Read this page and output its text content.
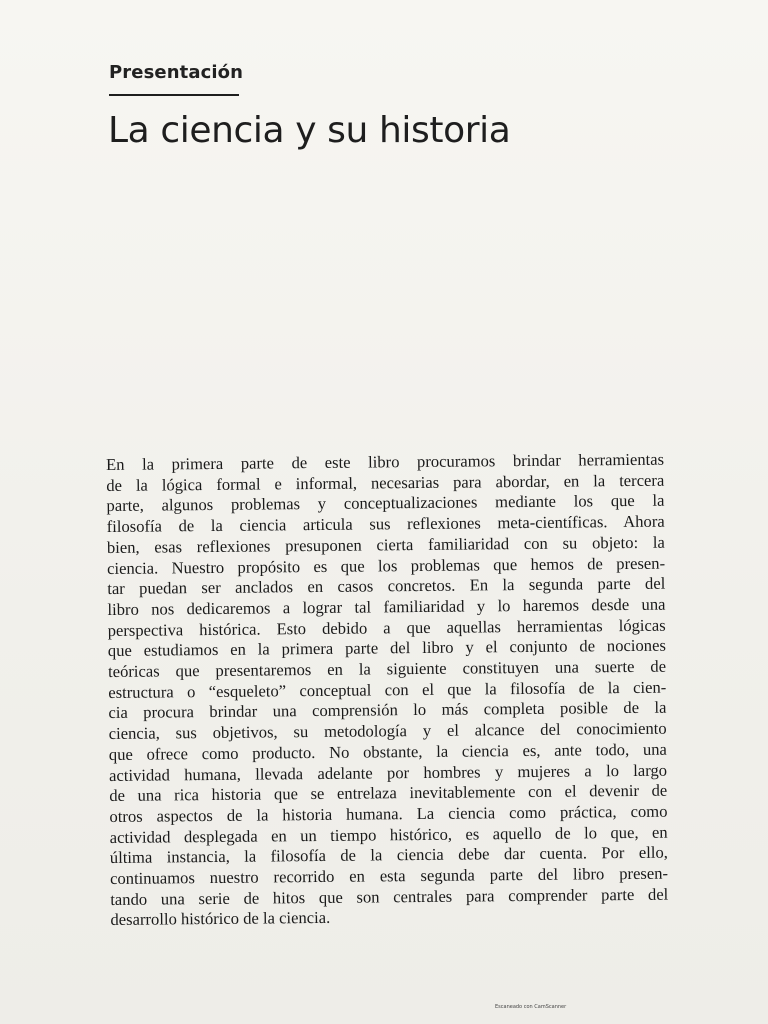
Presentación
La ciencia y su historia
En la primera parte de este libro procuramos brindar herramientas
de la lógica formal e informal, necesarias para abordar, en la tercera
parte, algunos problemas y conceptualizaciones mediante los que la
filosofía de la ciencia articula sus reflexiones meta-científicas. Ahora
bien, esas reflexiones presuponen cierta familiaridad con su objeto: la
ciencia. Nuestro propósito es que los problemas que hemos de presen-
tar puedan ser anclados en casos concretos. En la segunda parte del
libro nos dedicaremos a lograr tal familiaridad y lo haremos desde una
perspectiva histórica. Esto debido a que aquellas herramientas lógicas
que estudiamos en la primera parte del libro y el conjunto de nociones
teóricas que presentaremos en la siguiente constituyen una suerte de
estructura o “esqueleto” conceptual con el que la filosofía de la cien-
cia procura brindar una comprensión lo más completa posible de la
ciencia, sus objetivos, su metodología y el alcance del conocimiento
que ofrece como producto. No obstante, la ciencia es, ante todo, una
actividad humana, llevada adelante por hombres y mujeres a lo largo
de una rica historia que se entrelaza inevitablemente con el devenir de
otros aspectos de la historia humana. La ciencia como práctica, como
actividad desplegada en un tiempo histórico, es aquello de lo que, en
última instancia, la filosofía de la ciencia debe dar cuenta. Por ello,
continuamos nuestro recorrido en esta segunda parte del libro presen-
tando una serie de hitos que son centrales para comprender parte del
desarrollo histórico de la ciencia.
Escaneado con CamScanner
